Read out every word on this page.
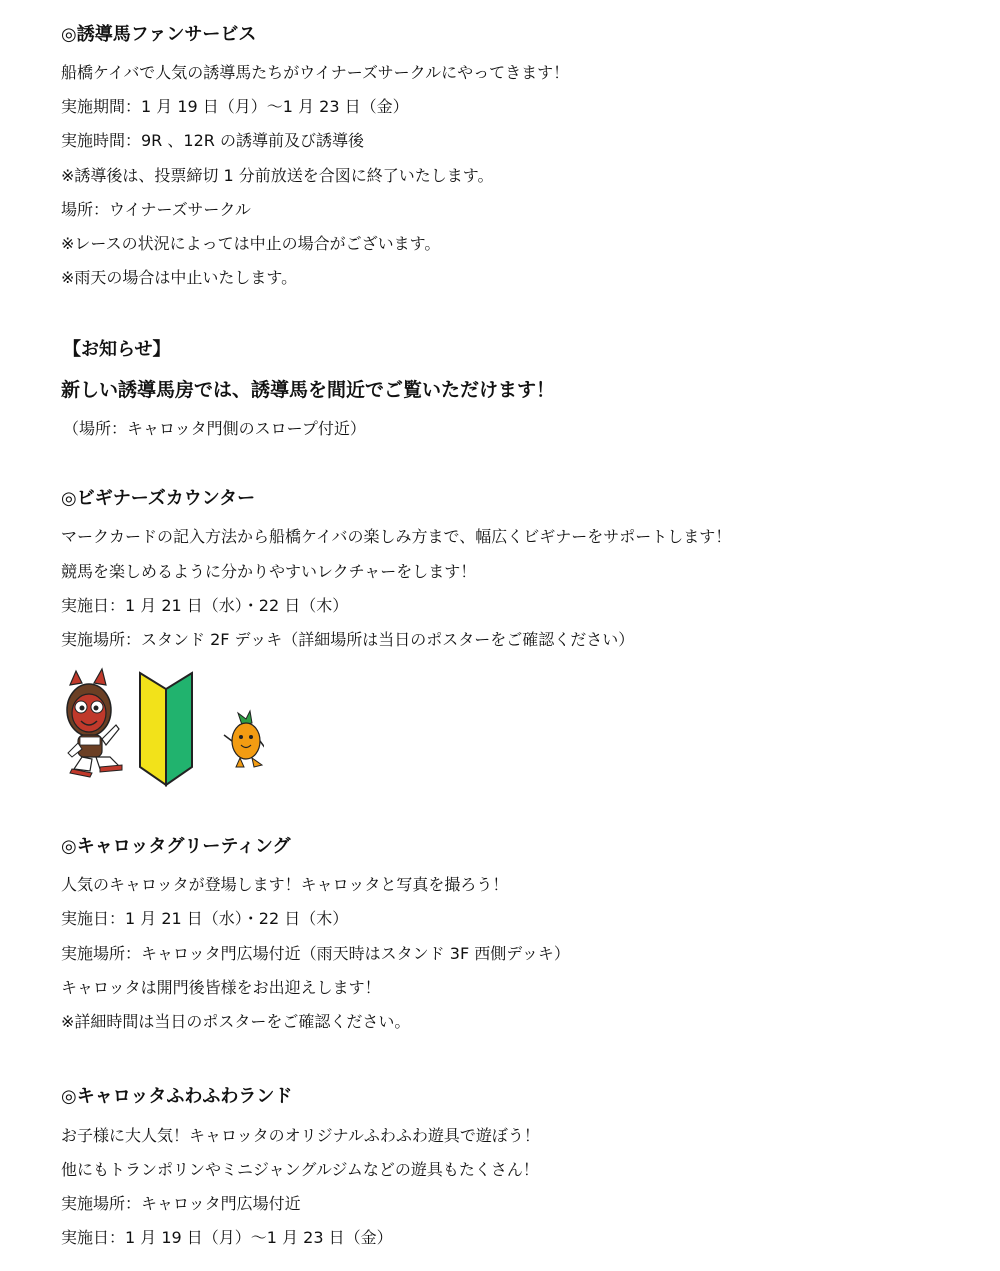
◎誘導馬ファンサービス
船橋ケイバで人気の誘導馬たちがウイナーズサークルにやってきます！
実施期間：1 月 19 日（月）～1 月 23 日（金）
実施時間：9R 、12R の誘導前及び誘導後
※誘導後は、投票締切 1 分前放送を合図に終了いたします。
場所：ウイナーズサークル
※レースの状況によっては中止の場合がございます。
※雨天の場合は中止いたします。
【お知らせ】
新しい誘導馬房では、誘導馬を間近でご覧いただけます！
（場所：キャロッタ門側のスロープ付近）
◎ビギナーズカウンター
マークカードの記入方法から船橋ケイバの楽しみ方まで、幅広くビギナーをサポートします！
競馬を楽しめるように分かりやすいレクチャーをします！
実施日：1 月 21 日（水）・22 日（木）
実施場所：スタンド 2F デッキ（詳細場所は当日のポスターをご確認ください）
◎キャロッタグリーティング
人気のキャロッタが登場します！キャロッタと写真を撮ろう！
実施日：1 月 21 日（水）・22 日（木）
実施場所：キャロッタ門広場付近（雨天時はスタンド 3F 西側デッキ）
キャロッタは開門後皆様をお出迎えします！
※詳細時間は当日のポスターをご確認ください。
◎キャロッタふわふわランド
お子様に大人気！キャロッタのオリジナルふわふわ遊具で遊ぼう！
他にもトランポリンやミニジャングルジムなどの遊具もたくさん！
実施場所：キャロッタ門広場付近
実施日：1 月 19 日（月）～1 月 23 日（金）
